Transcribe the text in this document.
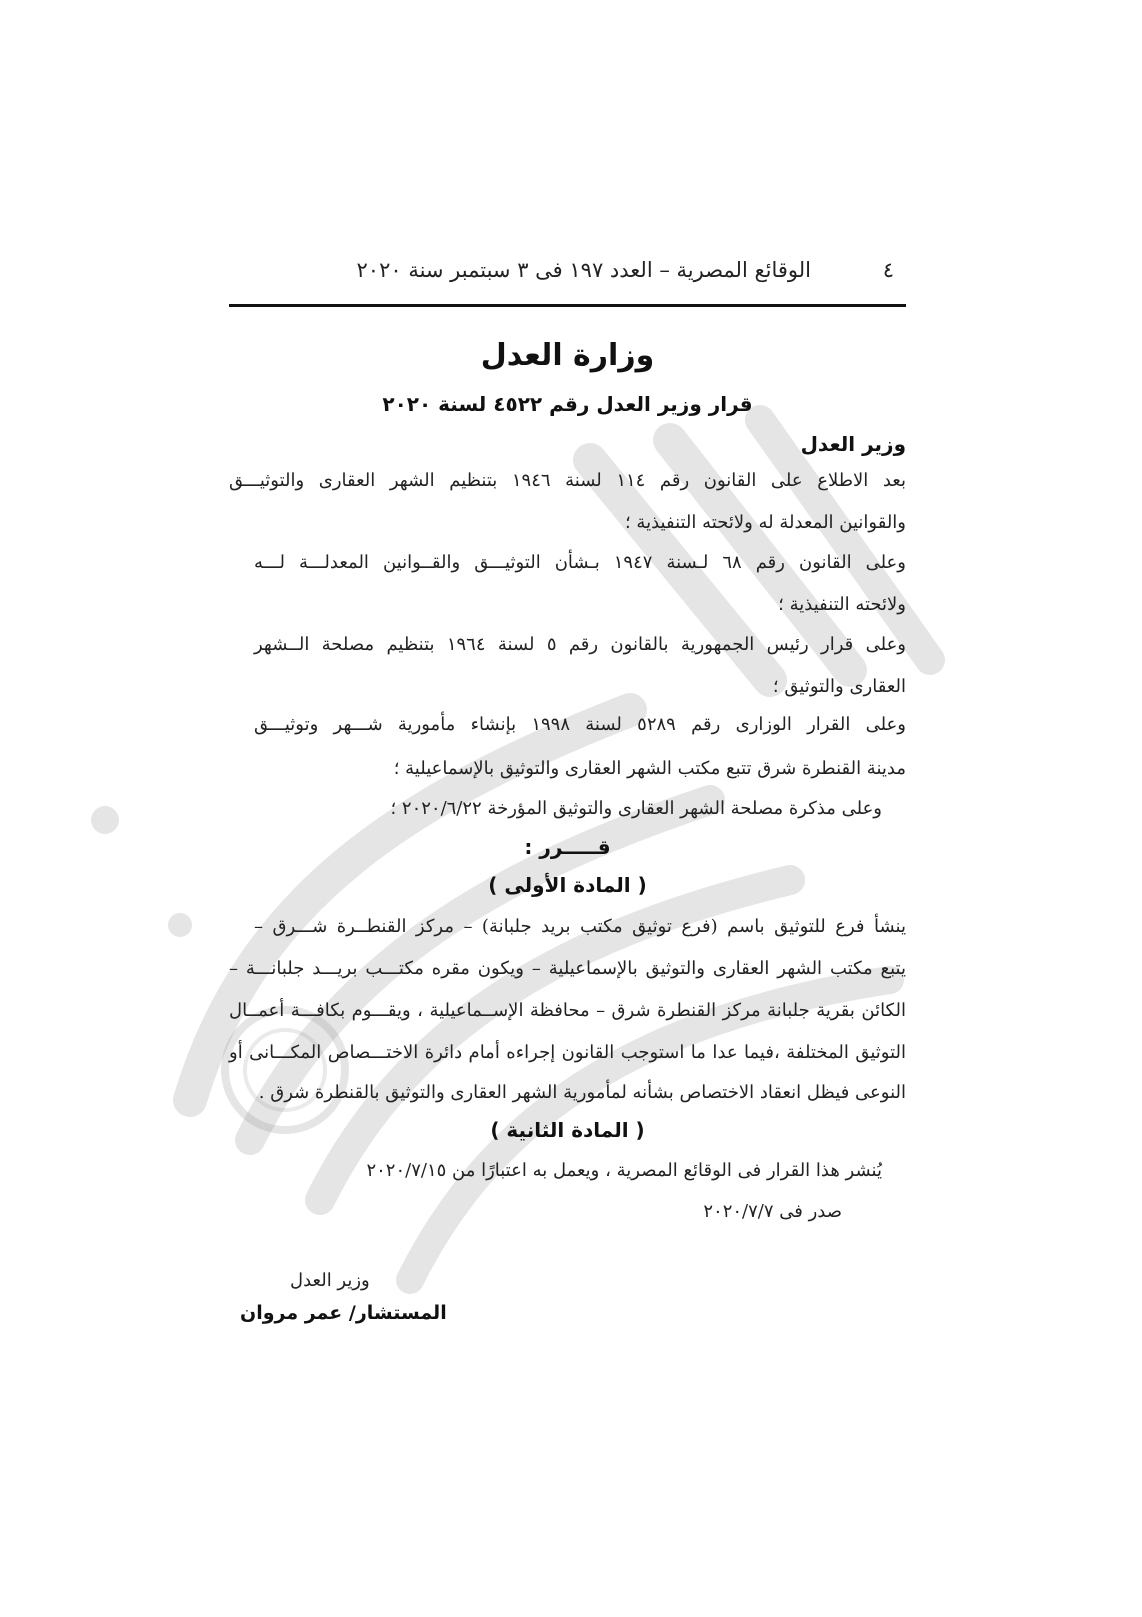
٤
الوقائع المصرية – العدد ١٩٧ فى ٣ سبتمبر سنة ٢٠٢٠
وزارة العدل
قرار وزير العدل رقم ٤٥٢٢ لسنة ٢٠٢٠
وزير العدل
بعد الاطلاع على القانون رقم ١١٤ لسنة ١٩٤٦ بتنظيم الشهر العقارى والتوثيـــق
والقوانين المعدلة له ولائحته التنفيذية ؛
وعلى القانون رقم ٦٨ لـسنة ١٩٤٧ بـشأن التوثيـــق والقــوانين المعدلـــة لـــه
ولائحته التنفيذية ؛
وعلى قرار رئيس الجمهورية بالقانون رقم ٥ لسنة ١٩٦٤ بتنظيم مصلحة الــشهر
العقارى والتوثيق ؛
وعلى القرار الوزارى رقم ٥٢٨٩ لسنة ١٩٩٨ بإنشاء مأمورية شـــهر وتوثيـــق
مدينة القنطرة شرق تتبع مكتب الشهر العقارى والتوثيق بالإسماعيلية ؛
وعلى مذكرة مصلحة الشهر العقارى والتوثيق المؤرخة ٢٠٢٠/٦/٢٢ ؛
قـــــرر :
( المادة الأولى )
ينشأ فرع للتوثيق باسم (فرع توثيق مكتب بريد جلبانة) – مركز القنطــرة شـــرق –
يتبع مكتب الشهر العقارى والتوثيق بالإسماعيلية – ويكون مقره مكتـــب بريـــد جلبانـــة –
الكائن بقرية جلبانة مركز القنطرة شرق – محافظة الإســماعيلية ، ويقـــوم بكافـــة أعمــال
التوثيق المختلفة ،فيما عدا ما استوجب القانون إجراءه أمام دائرة الاختـــصاص المكـــانى أو
النوعى فيظل انعقاد الاختصاص بشأنه لمأمورية الشهر العقارى والتوثيق بالقنطرة شرق .
( المادة الثانية )
يُنشر هذا القرار فى الوقائع المصرية ، ويعمل به اعتبارًا من ٢٠٢٠/٧/١٥
صدر فى ٢٠٢٠/٧/٧
وزير العدل
المستشار/ عمر مروان
